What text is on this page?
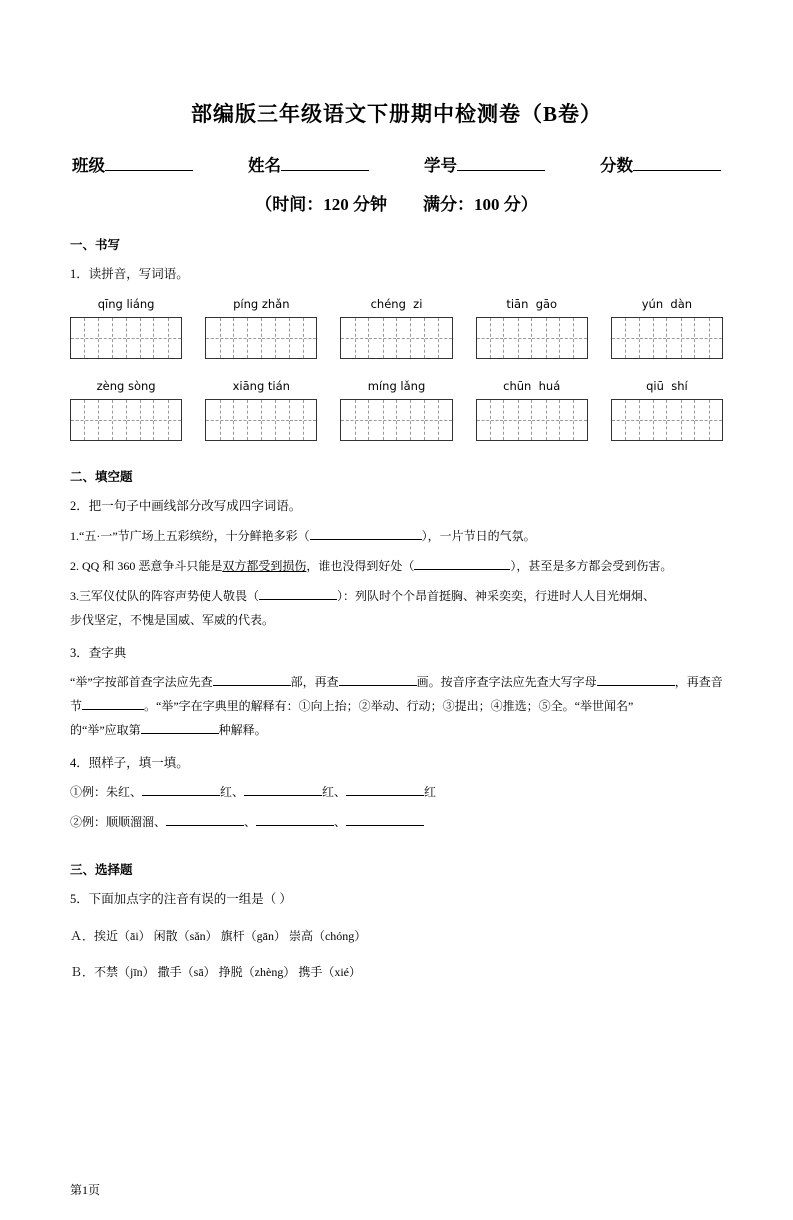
部编版三年级语文下册期中检测卷（B卷）
班级	姓名	学号	分数
（时间：120 分钟 满分：100 分）
一、书写
1．读拼音，写词语。
qīng liáng	píng zhǎn	chéng  zi	tiān  gāo	yún  dàn
zèng sòng	xiāng tián	míng lǎng	chūn  huá	qiū  shí
二、填空题
2．把一句子中画线部分改写成四字词语。
1.“五·一”节广场上五彩缤纷，十分鲜艳多彩（	），一片节日的气氛。
2. QQ 和 360 恶意争斗只能是双方都受到损伤，谁也没得到好处（	），甚至是多方都会受到伤害。
3.三军仪仗队的阵容声势使人敬畏（	）：列队时个个昂首挺胸、神采奕奕，行进时人人目光炯炯、
步伐坚定，不愧是国威、军威的代表。
3．查字典
“举”字按部首查字法应先查	部，再查	画。按音序查字法应先查大写字母	，再查音
节	。“举”字在字典里的解释有：①向上抬；②举动、行动；③提出；④推选；⑤全。“举世闻名”
的“举”应取第	种解释。
4．照样子，填一填。
①例：朱红、	红、	红、	红
②例：顺顺溜溜、	、	、
三、选择题
5．下面加点字的注音有误的一组是（ ）
Ａ．挨近（āi） 闲散（sǎn） 旗杆（gān） 崇高（chóng）
Ｂ．不禁（jīn） 撒手（sā） 挣脱（zhèng） 携手（xié）
第1页
